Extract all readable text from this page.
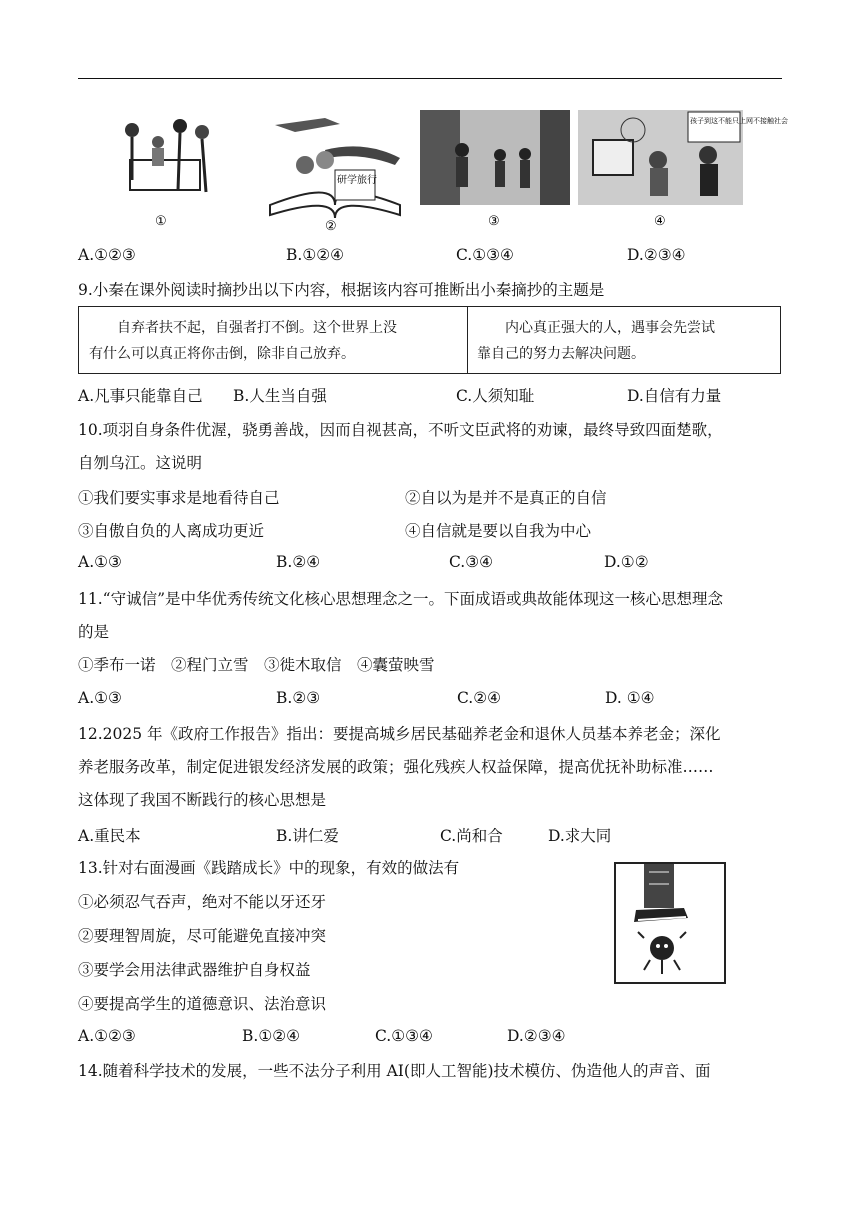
①
研学旅行
②	③
孩子到这不能只上网不接触社会
④
A.①②③	B.①②④	C.①③④	D.②③④
9.小秦在课外阅读时摘抄出以下内容，根据该内容可推断出小秦摘抄的主题是
自弃者扶不起，自强者打不倒。这个世界上没
有什么可以真正将你击倒，除非自己放弃。
内心真正强大的人，遇事会先尝试
靠自己的努力去解决问题。
A.凡事只能靠自己 B.人生当自强	C.人须知耻	D.自信有力量
10.项羽自身条件优渥，骁勇善战，因而自视甚高，不听文臣武将的劝谏，最终导致四面楚歌，
自刎乌江。这说明
①我们要实事求是地看待自己	②自以为是并不是真正的自信
③自傲自负的人离成功更近	④自信就是要以自我为中心
A.①③	B.②④	C.③④	D.①②
11.“守诚信”是中华优秀传统文化核心思想理念之一。下面成语或典故能体现这一核心思想理念
的是
①季布一诺　②程门立雪　③徙木取信　④囊萤映雪
A.①③	B.②③	C.②④	D. ①④
12.2025 年《政府工作报告》指出：要提高城乡居民基础养老金和退休人员基本养老金；深化
养老服务改革，制定促进银发经济发展的政策；强化残疾人权益保障，提高优抚补助标准……
这体现了我国不断践行的核心思想是
A.重民本	B.讲仁爱	C.尚和合	D.求大同
13.针对右面漫画《践踏成长》中的现象，有效的做法有
①必须忍气吞声，绝对不能以牙还牙
②要理智周旋，尽可能避免直接冲突
③要学会用法律武器维护自身权益
④要提高学生的道德意识、法治意识
A.①②③	B.①②④	C.①③④	D.②③④
14.随着科学技术的发展，一些不法分子利用 AI(即人工智能)技术模仿、伪造他人的声音、面
